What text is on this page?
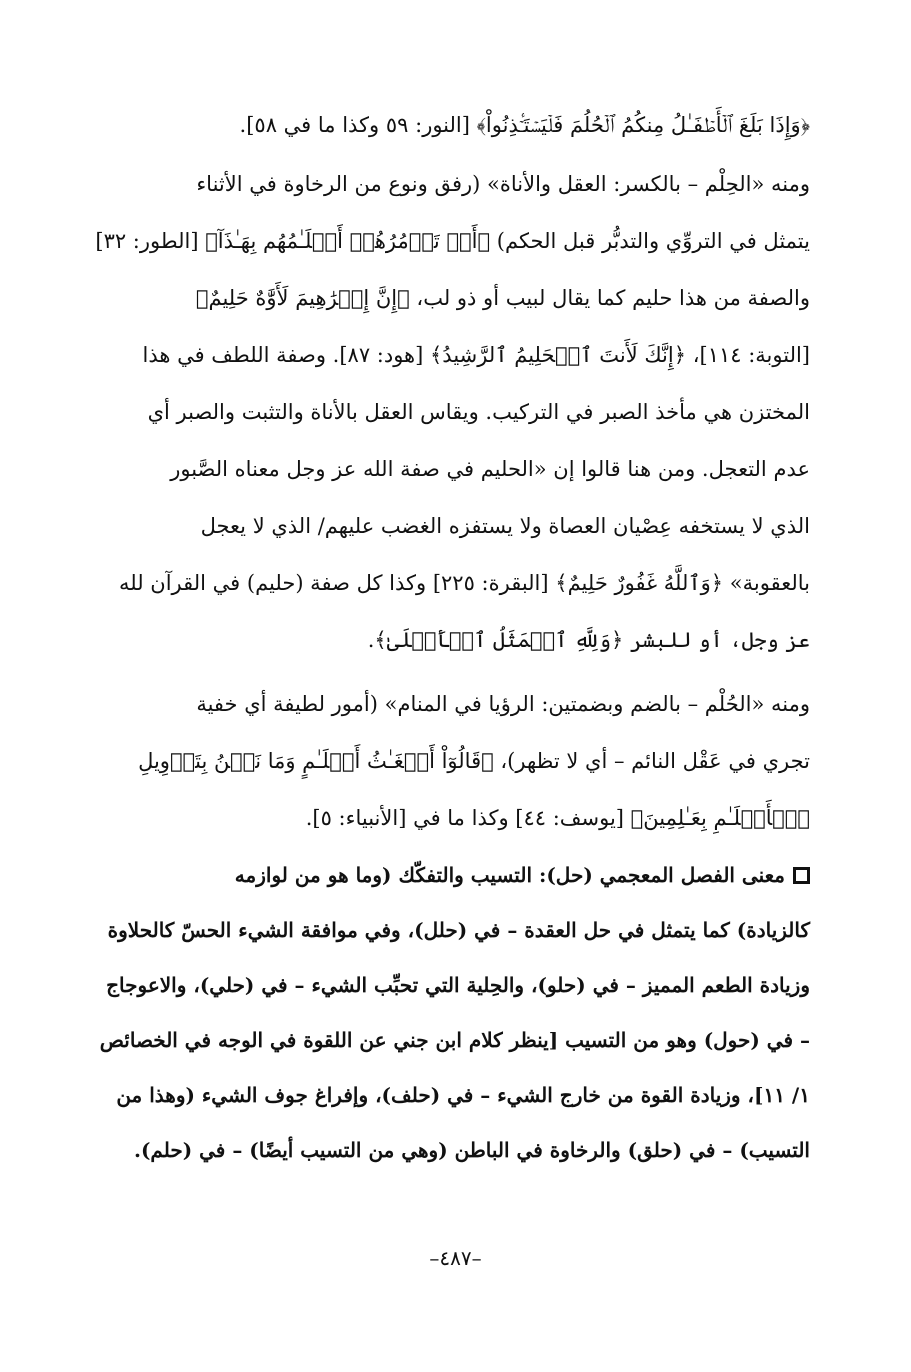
﴿وَإِذَا بَلَغَ ٱلۡأَطۡفَـٰلُ مِنكُمُ ٱلۡحُلُمَ فَلۡيَسۡتَـٔۡذِنُواْ﴾ [النور: ٥٩ وكذا ما في ٥٨].
ومنه «الحِلْم – بالكسر: العقل والأناة» (رفق ونوع من الرخاوة في الأثناء
يتمثل في التروِّي والتدبُّر قبل الحكم) ﴿أَمۡ تَأۡمُرُهُمۡ أَحۡلَـٰمُهُم بِهَـٰذَآ﴾ [الطور: ٣٢]
والصفة من هذا حليم كما يقال لبيب أو ذو لب، ﴿إِنَّ إِبۡرَٰهِيمَ لَأَوَّٰهٌ حَلِيمٌ﴾
[التوبة: ١١٤]، ﴿إِنَّكَ لَأَنتَ ٱلۡحَلِيمُ ٱلرَّشِيدُ﴾ [هود: ٨٧]. وصفة اللطف في هذا
المختزن هي مأخذ الصبر في التركيب. ويقاس العقل بالأناة والتثبت والصبر أي
عدم التعجل. ومن هنا قالوا إن «الحليم في صفة الله عز وجل معناه الصَّبور
الذي لا يستخفه عِصْيان العصاة ولا يستفزه الغضب عليهم/ الذي لا يعجل
بالعقوبة» ﴿وَٱللَّهُ غَفُورٌ حَلِيمٌ﴾ [البقرة: ٢٢٥] وكذا كل صفة (حليم) في القرآن لله
عز وجل، أو للبشر ﴿وَلِلَّهِ ٱلۡمَثَلُ ٱلۡأَعۡلَىٰ﴾.
ومنه «الحُلْم – بالضم وبضمتين: الرؤيا في المنام» (أمور لطيفة أي خفية
تجري في عَقْل النائم – أي لا تظهر)، ﴿قَالُوٓاْ أَضۡغَـٰثُ أَحۡلَـٰمٍ وَمَا نَحۡنُ بِتَأۡوِيلِ
ٱلۡأَحۡلَـٰمِ بِعَـٰلِمِينَ﴾ [يوسف: ٤٤] وكذا ما في [الأنبياء: ٥].
معنى الفصل المعجمي (حل): التسيب والتفكّك (وما هو من لوازمه
كالزيادة) كما يتمثل في حل العقدة – في (حلل)، وفي موافقة الشيء الحسّ كالحلاوة
وزيادة الطعم المميز – في (حلو)، والحِلية التي تحبِّب الشيء – في (حلي)، والاعوجاج
– في (حول) وهو من التسيب [ينظر كلام ابن جني عن اللقوة في الوجه في الخصائص
١/ ١١]، وزيادة القوة من خارج الشيء – في (حلف)، وإفراغ جوف الشيء (وهذا من
التسيب) – في (حلق) والرخاوة في الباطن (وهي من التسيب أيضًا) – في (حلم).
–٤٨٧–
